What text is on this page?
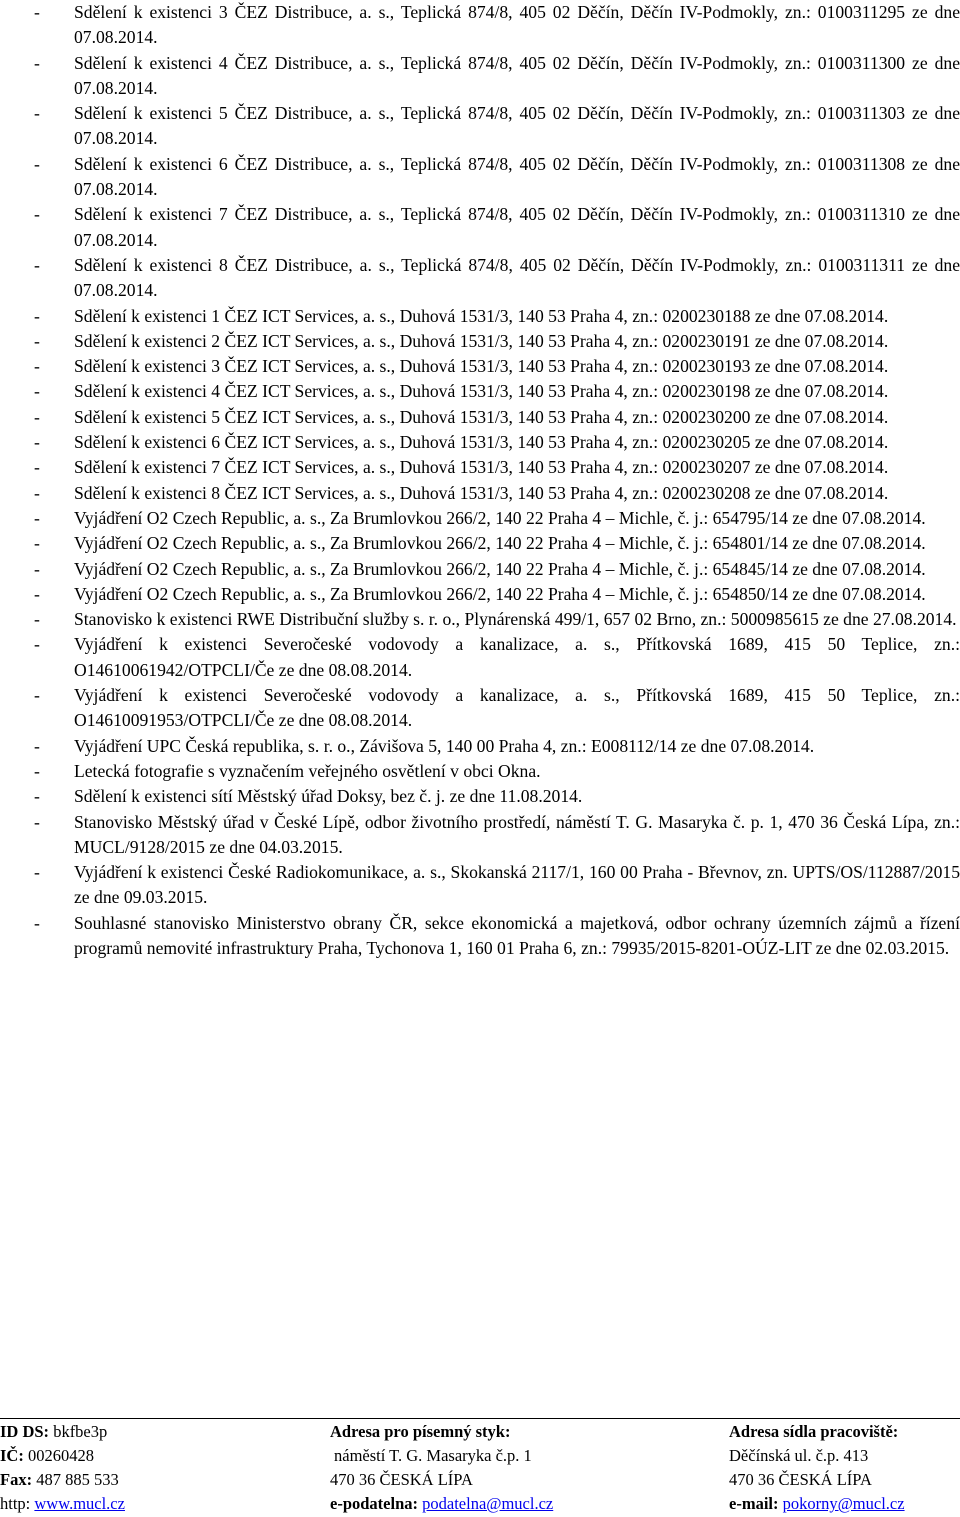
- Sdělení k existenci 3 ČEZ Distribuce, a. s., Teplická 874/8, 405 02 Děčín, Děčín IV-Podmokly, zn.: 0100311295 ze dne 07.08.2014.
- Sdělení k existenci 4 ČEZ Distribuce, a. s., Teplická 874/8, 405 02 Děčín, Děčín IV-Podmokly, zn.: 0100311300 ze dne 07.08.2014.
- Sdělení k existenci 5 ČEZ Distribuce, a. s., Teplická 874/8, 405 02 Děčín, Děčín IV-Podmokly, zn.: 0100311303 ze dne 07.08.2014.
- Sdělení k existenci 6 ČEZ Distribuce, a. s., Teplická 874/8, 405 02 Děčín, Děčín IV-Podmokly, zn.: 0100311308 ze dne 07.08.2014.
- Sdělení k existenci 7 ČEZ Distribuce, a. s., Teplická 874/8, 405 02 Děčín, Děčín IV-Podmokly, zn.: 0100311310 ze dne 07.08.2014.
- Sdělení k existenci 8 ČEZ Distribuce, a. s., Teplická 874/8, 405 02 Děčín, Děčín IV-Podmokly, zn.: 0100311311 ze dne 07.08.2014.
- Sdělení k existenci 1 ČEZ ICT Services, a. s., Duhová 1531/3, 140 53 Praha 4, zn.: 0200230188 ze dne 07.08.2014.
- Sdělení k existenci 2 ČEZ ICT Services, a. s., Duhová 1531/3, 140 53 Praha 4, zn.: 0200230191 ze dne 07.08.2014.
- Sdělení k existenci 3 ČEZ ICT Services, a. s., Duhová 1531/3, 140 53 Praha 4, zn.: 0200230193 ze dne 07.08.2014.
- Sdělení k existenci 4 ČEZ ICT Services, a. s., Duhová 1531/3, 140 53 Praha 4, zn.: 0200230198 ze dne 07.08.2014.
- Sdělení k existenci 5 ČEZ ICT Services, a. s., Duhová 1531/3, 140 53 Praha 4, zn.: 0200230200 ze dne 07.08.2014.
- Sdělení k existenci 6 ČEZ ICT Services, a. s., Duhová 1531/3, 140 53 Praha 4, zn.: 0200230205 ze dne 07.08.2014.
- Sdělení k existenci 7 ČEZ ICT Services, a. s., Duhová 1531/3, 140 53 Praha 4, zn.: 0200230207 ze dne 07.08.2014.
- Sdělení k existenci 8 ČEZ ICT Services, a. s., Duhová 1531/3, 140 53 Praha 4, zn.: 0200230208 ze dne 07.08.2014.
- Vyjádření O2 Czech Republic, a. s., Za Brumlovkou 266/2, 140 22 Praha 4 – Michle, č. j.: 654795/14 ze dne 07.08.2014.
- Vyjádření O2 Czech Republic, a. s., Za Brumlovkou 266/2, 140 22 Praha 4 – Michle, č. j.: 654801/14 ze dne 07.08.2014.
- Vyjádření O2 Czech Republic, a. s., Za Brumlovkou 266/2, 140 22 Praha 4 – Michle, č. j.: 654845/14 ze dne 07.08.2014.
- Vyjádření O2 Czech Republic, a. s., Za Brumlovkou 266/2, 140 22 Praha 4 – Michle, č. j.: 654850/14 ze dne 07.08.2014.
- Stanovisko k existenci RWE Distribuční služby s. r. o., Plynárenská 499/1, 657 02 Brno, zn.: 5000985615 ze dne 27.08.2014.
- Vyjádření k existenci Severočeské vodovody a kanalizace, a. s., Přítkovská 1689, 415 50 Teplice, zn.: O14610061942/OTPCLI/Če ze dne 08.08.2014.
- Vyjádření k existenci Severočeské vodovody a kanalizace, a. s., Přítkovská 1689, 415 50 Teplice, zn.: O14610091953/OTPCLI/Če ze dne 08.08.2014.
- Vyjádření UPC Česká republika, s. r. o., Závišova 5, 140 00 Praha 4, zn.: E008112/14 ze dne 07.08.2014.
- Letecká fotografie s vyznačením veřejného osvětlení v obci Okna.
- Sdělení k existenci sítí Městský úřad Doksy, bez č. j. ze dne 11.08.2014.
- Stanovisko Městský úřad v České Lípě, odbor životního prostředí, náměstí T. G. Masaryka č. p. 1, 470 36 Česká Lípa, zn.: MUCL/9128/2015 ze dne 04.03.2015.
- Vyjádření k existenci České Radiokomunikace, a. s., Skokanská 2117/1, 160 00 Praha - Břevnov, zn. UPTS/OS/112887/2015 ze dne 09.03.2015.
- Souhlasné stanovisko Ministerstvo obrany ČR, sekce ekonomická a majetková, odbor ochrany územních zájmů a řízení programů nemovité infrastruktury Praha, Tychonova 1, 160 01 Praha 6, zn.: 79935/2015-8201-OÚZ-LIT ze dne 02.03.2015.
ID DS: bkfbe3p
IČ: 00260428
Fax: 487 885 533
http: www.mucl.cz
Adresa pro písemný styk:
náměstí T. G. Masaryka č.p. 1
470 36 ČESKÁ LÍPA
e-podatelna: podatelna@mucl.cz
Adresa sídla pracoviště:
Děčínská ul. č.p. 413
470 36 ČESKÁ LÍPA
e-mail: pokorny@mucl.cz
